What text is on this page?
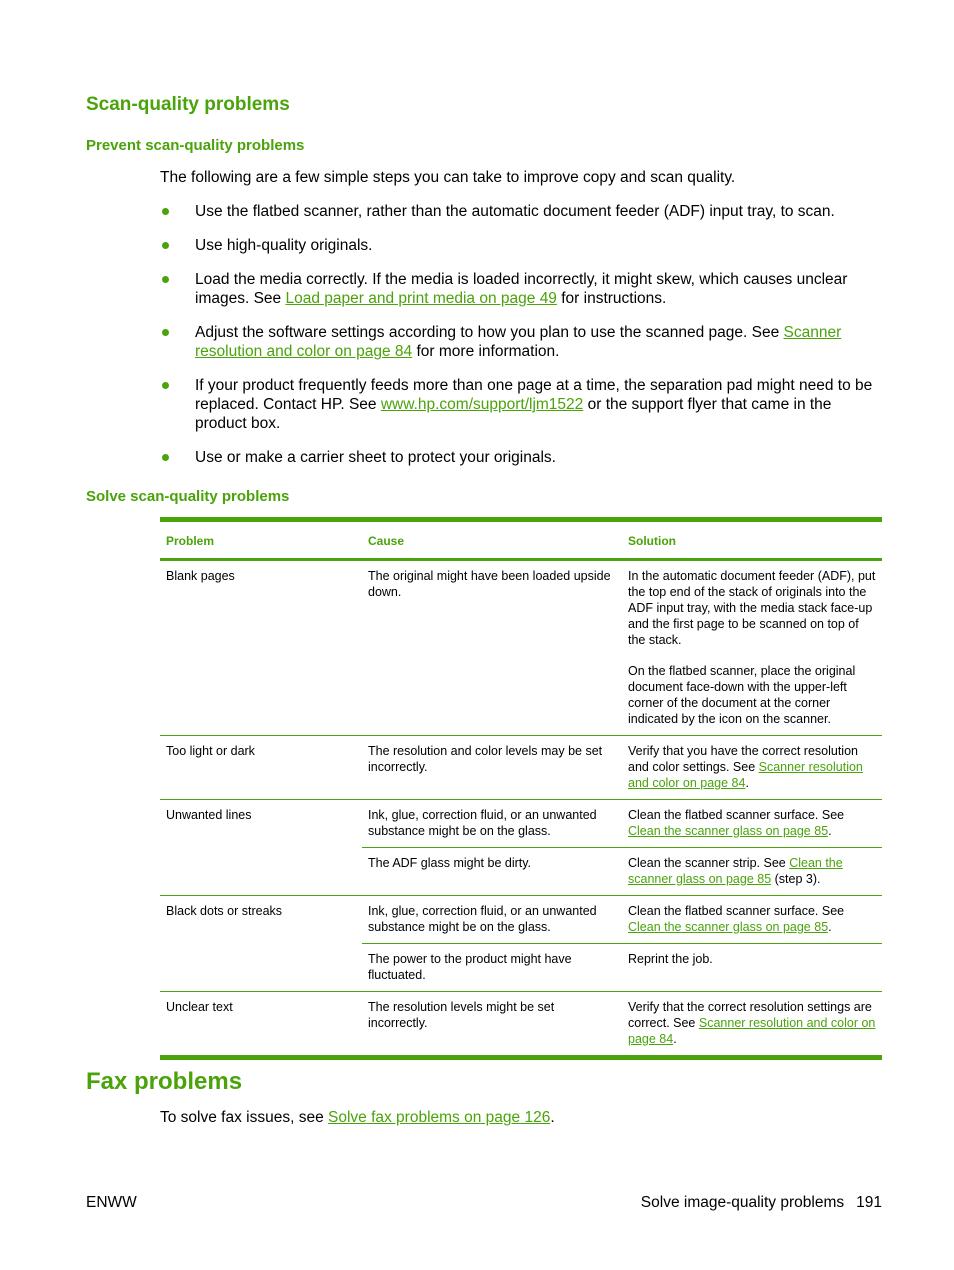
Scan-quality problems
Prevent scan-quality problems

The following are a few simple steps you can take to improve copy and scan quality.

Use the flatbed scanner, rather than the automatic document feeder (ADF) input tray, to scan.
Use high-quality originals.
Load the media correctly. If the media is loaded incorrectly, it might skew, which causes unclear images. See Load paper and print media on page 49 for instructions.
Adjust the software settings according to how you plan to use the scanned page. See Scanner resolution and color on page 84 for more information.
If your product frequently feeds more than one page at a time, the separation pad might need to be replaced. Contact HP. See www.hp.com/support/ljm1522 or the support flyer that came in the product box.
Use or make a carrier sheet to protect your originals.
Solve scan-quality problems
Problem	Cause	Solution
Blank pages	The original might have been loaded upside down.	In the automatic document feeder (ADF), put the top end of the stack of originals into the ADF input tray, with the media stack face-up and the first page to be scanned on top of the stack.

On the flatbed scanner, place the original document face-down with the upper-left corner of the document at the corner indicated by the icon on the scanner.

Too light or dark	The resolution and color levels may be set incorrectly.	Verify that you have the correct resolution and color settings. See Scanner resolution and color on page 84.
Unwanted lines	Ink, glue, correction fluid, or an unwanted substance might be on the glass.	Clean the flatbed scanner surface. See Clean the scanner glass on page 85.
	The ADF glass might be dirty.	Clean the scanner strip. See Clean the scanner glass on page 85 (step 3).
Black dots or streaks	Ink, glue, correction fluid, or an unwanted substance might be on the glass.	Clean the flatbed scanner surface. See Clean the scanner glass on page 85.
	The power to the product might have fluctuated.	Reprint the job.
Unclear text	The resolution levels might be set incorrectly.	Verify that the correct resolution settings are correct. See Scanner resolution and color on page 84.
Fax problems

To solve fax issues, see Solve fax problems on page 126.

ENWW	Solve image-quality problems 191
